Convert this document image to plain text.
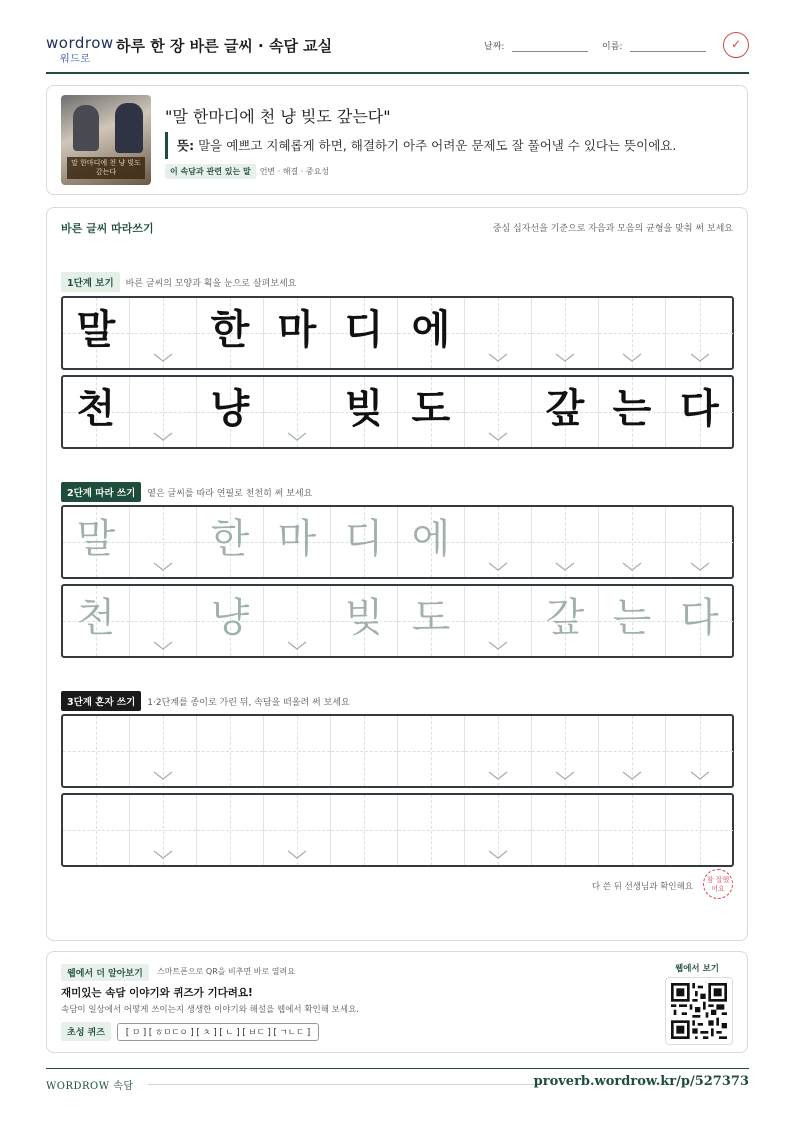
wordrow
워드로
하루 한 장 바른 글씨 · 속담 교실	날짜:	이름:	✓
말 한마디에 천 냥 빚도 갚는다
"말 한마디에 천 냥 빚도 갚는다"
뜻: 말을 예쁘고 지혜롭게 하면, 해결하기 아주 어려운 문제도 잘 풀어낼 수 있다는 뜻이에요.
이 속담과 관련 있는 말 언변 · 해결 · 중요성
바른 글씨 따라쓰기	중심 십자선을 기준으로 자음과 모음의 균형을 맞춰 써 보세요
1단계 보기 바른 글씨의 모양과 획을 눈으로 살펴보세요
말	한 마 디 에
천	냥	빚 도	갚 는 다
2단계 따라 쓰기 옅은 글씨를 따라 연필로 천천히 써 보세요
말	한 마 디 에
천	냥	빚 도	갚 는 다
3단계 혼자 쓰기 1·2단계를 종이로 가린 뒤, 속담을 떠올려 써 보세요
다 쓴 뒤 선생님과 확인해요
참 잘했어요
웹에서 더 알아보기	스마트폰으로 QR을 비추면 바로 열려요
재미있는 속담 이야기와 퀴즈가 기다려요!
속담이 일상에서 어떻게 쓰이는지 생생한 이야기와 해설을 웹에서 확인해 보세요.
초성 퀴즈 [ ㅁ ] [ ㅎㅁㄷㅇ ] [ ㅊ ] [ ㄴ ] [ ㅂㄷ ] [ ㄱㄴㄷ ]
웹에서 보기
WORDROW 속담	proverb.wordrow.kr/p/527373
